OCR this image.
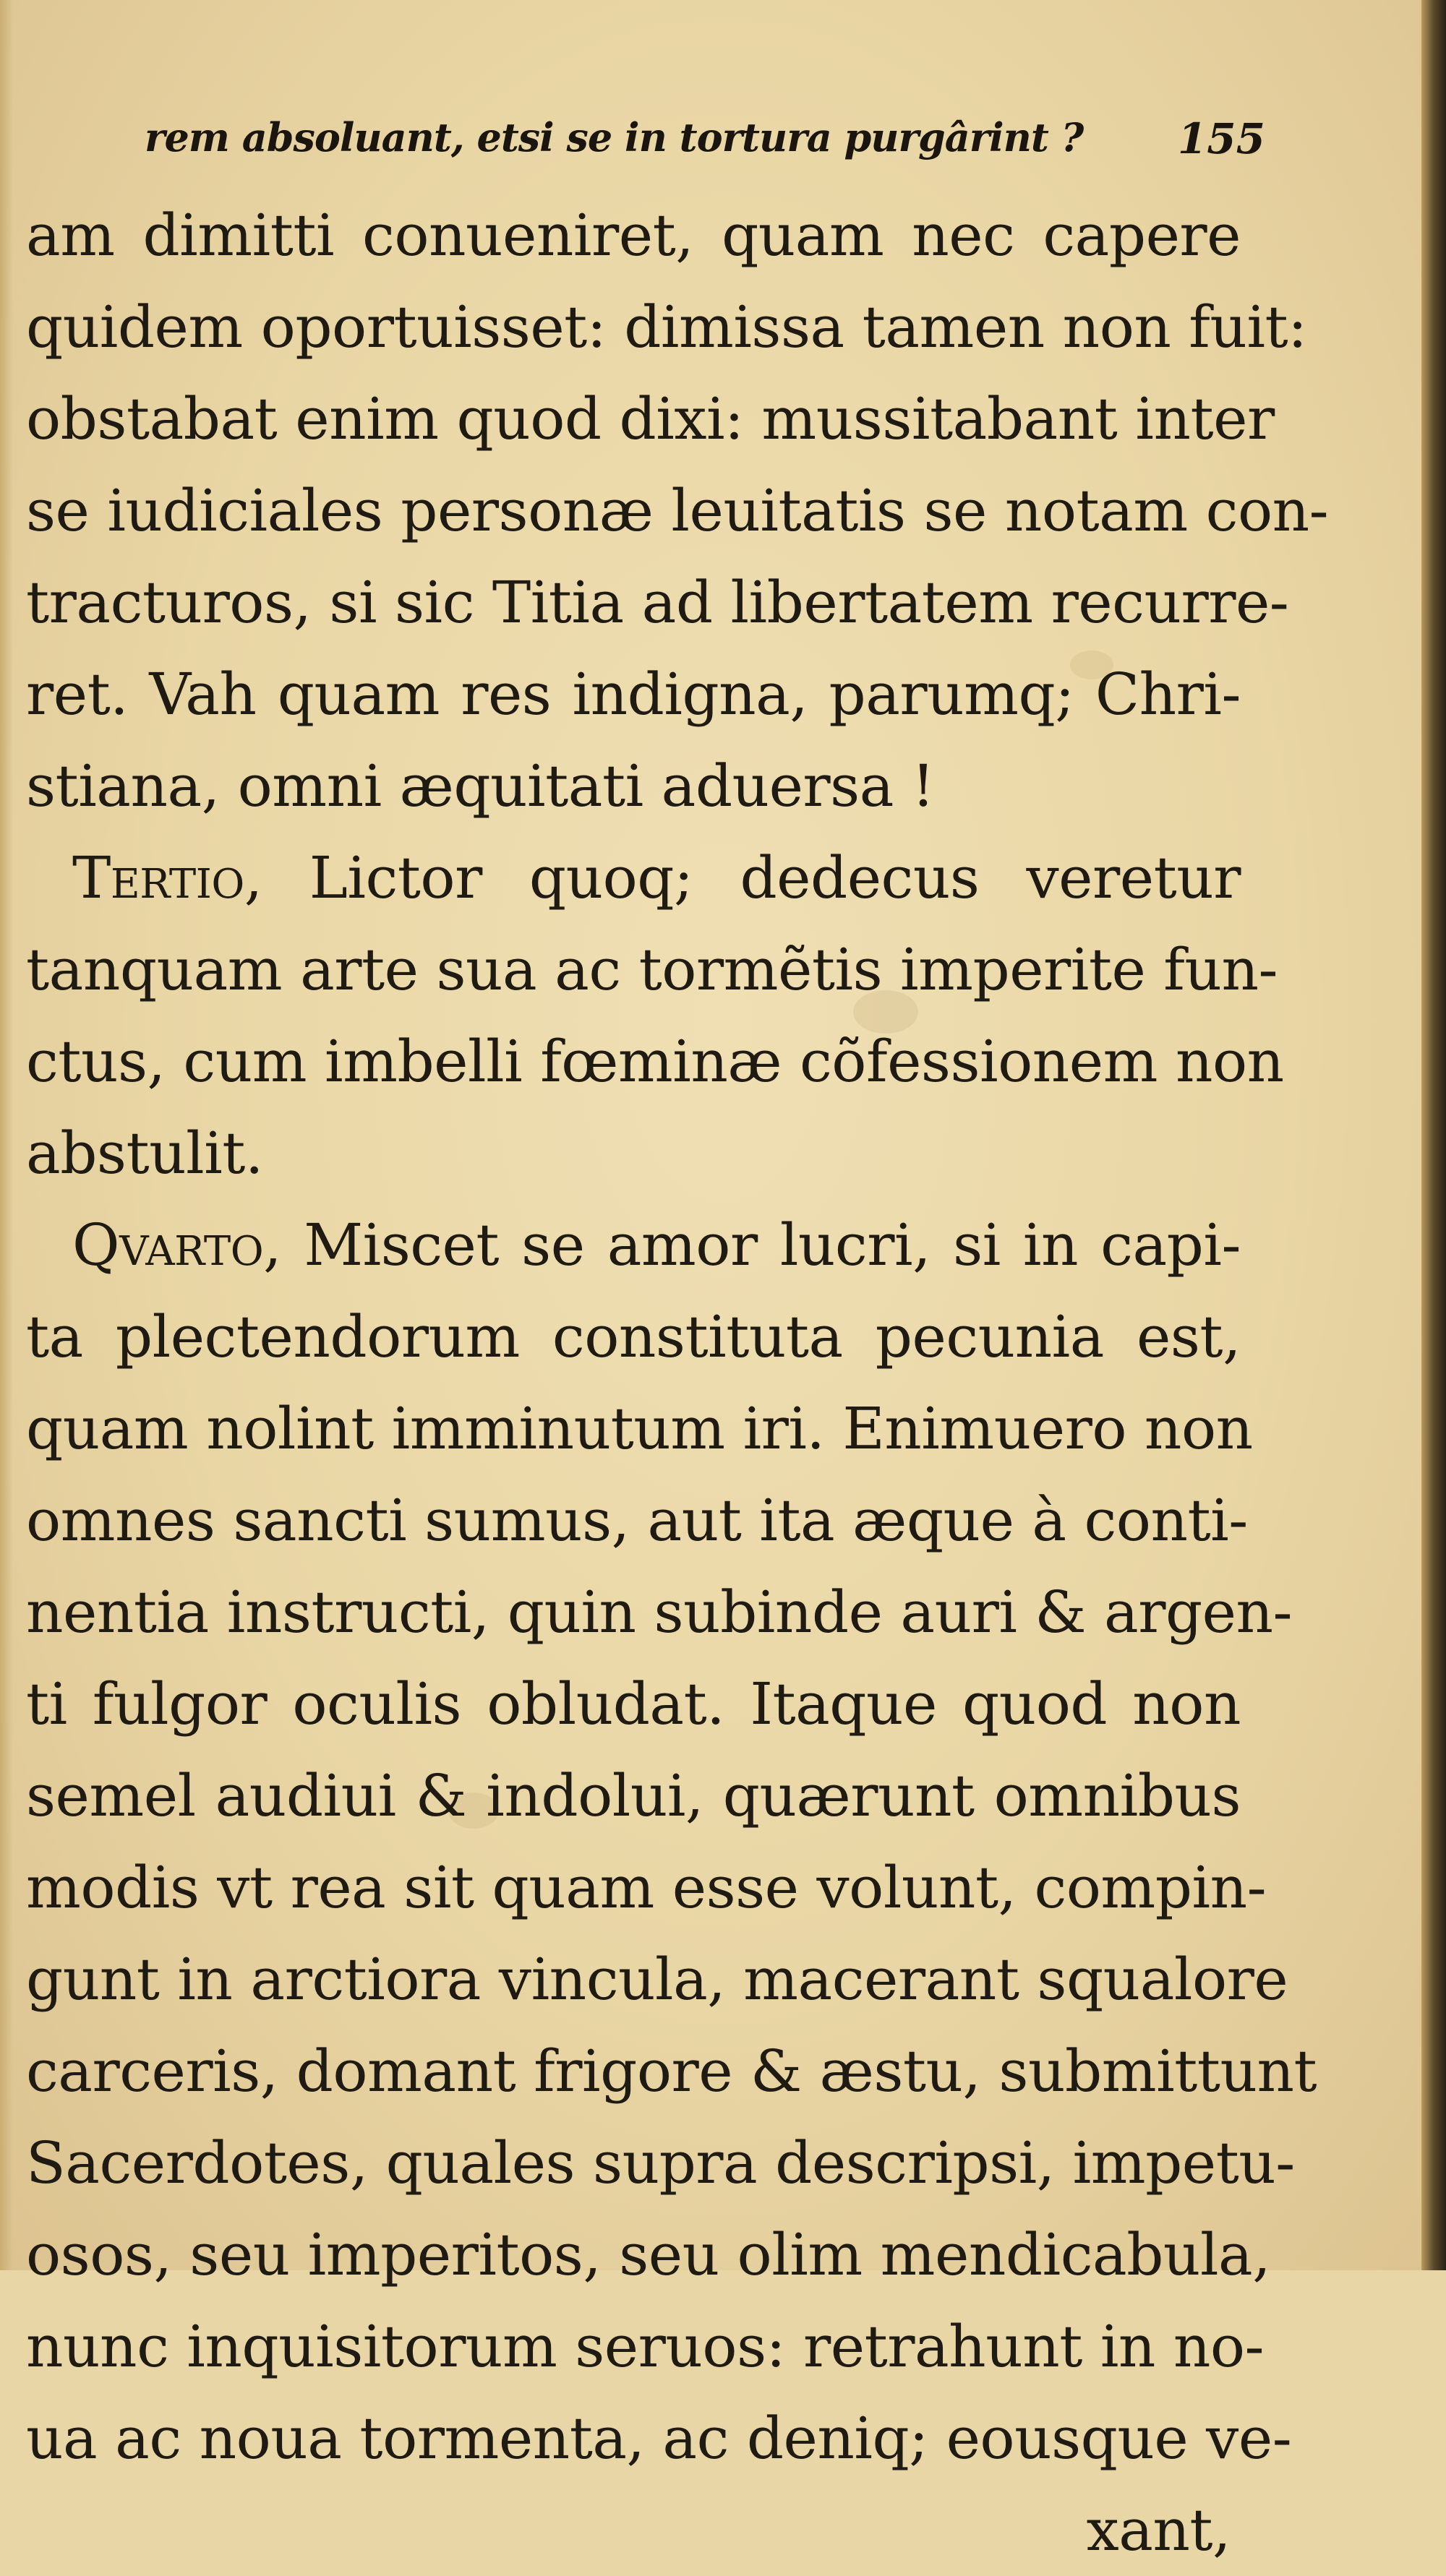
rem absoluant, etsi se in tortura purgârint ? 155
am dimitti conueniret, quam nec capere
quidem oportuisset: dimissa tamen non fuit:
obstabat enim quod dixi: mussitabant inter
se iudiciales personæ leuitatis se notam con-
tracturos, si sic Titia ad libertatem recurre-
ret. Vah quam res indigna, parumq; Chri-
stiana, omni æquitati aduersa !
Tertio, Lictor quoq; dedecus veretur
tanquam arte sua ac tormẽtis imperite fun-
ctus, cum imbelli fœminæ cõfessionem non
abstulit.
Qvarto, Miscet se amor lucri, si in capi-
ta plectendorum constituta pecunia est,
quam nolint imminutum iri. Enimuero non
omnes sancti sumus, aut ita æque à conti-
nentia instructi, quin subinde auri & argen-
ti fulgor oculis obludat. Itaque quod non
semel audiui & indolui, quærunt omnibus
modis vt rea sit quam esse volunt, compin-
gunt in arctiora vincula, macerant squalore
carceris, domant frigore & æstu, submittunt
Sacerdotes, quales supra descripsi, impetu-
osos, seu imperitos, seu olim mendicabula,
nunc inquisitorum seruos: retrahunt in no-
ua ac noua tormenta, ac deniq; eousque ve-
xant,
